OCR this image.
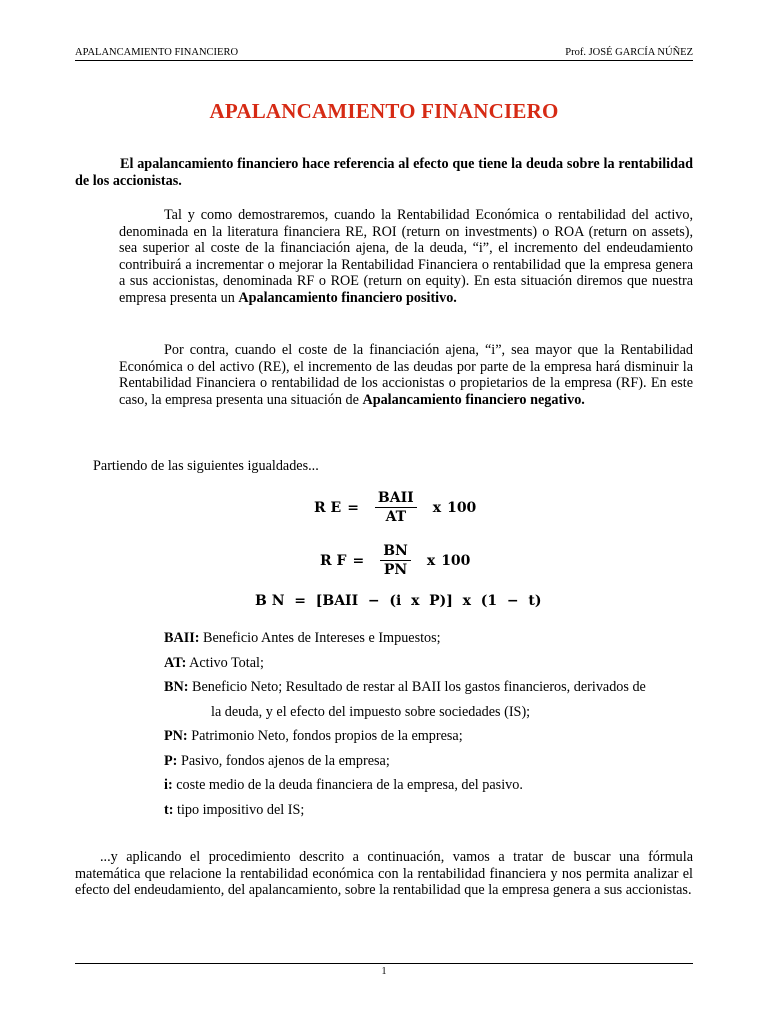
APALANCAMIENTO FINANCIERO	Prof. JOSÉ GARCÍA NÚÑEZ
APALANCAMIENTO FINANCIERO
El apalancamiento financiero hace referencia al efecto que tiene la deuda sobre la rentabilidad de los accionistas.
Tal y como demostraremos, cuando la Rentabilidad Económica o rentabilidad del activo, denominada en la literatura financiera RE, ROI (return on investments) o ROA (return on assets), sea superior al coste de la financiación ajena, de la deuda, “i”, el incremento del endeudamiento contribuirá a incrementar o mejorar la Rentabilidad Financiera o rentabilidad que la empresa genera a sus accionistas, denominada RF o ROE (return on equity). En esta situación diremos que nuestra empresa presenta un Apalancamiento financiero positivo.
Por contra, cuando el coste de la financiación ajena, “i”, sea mayor que la Rentabilidad Económica o del activo (RE), el incremento de las deudas por parte de la empresa hará disminuir la Rentabilidad Financiera o rentabilidad de los accionistas o propietarios de la empresa (RF). En este caso, la empresa presenta una situación de Apalancamiento financiero negativo.
Partiendo de las siguientes igualdades...
R $E = \frac{\text{BAII}}{AT}$ x 100
R $F = \frac{BN}{PN}$ x 100
B N  =  [BAII  −  (i  x  P)]  x  (1  −  t)
BAII: Beneficio Antes de Intereses e Impuestos;
AT: Activo Total;
BN: Beneficio Neto; Resultado de restar al BAII los gastos financieros, derivados de
la deuda, y el efecto del impuesto sobre sociedades (IS);
PN: Patrimonio Neto, fondos propios de la empresa;
P: Pasivo, fondos ajenos de la empresa;
i: coste medio de la deuda financiera de la empresa, del pasivo.
t: tipo impositivo del IS;
...y aplicando el procedimiento descrito a continuación, vamos a tratar de buscar una fórmula matemática que relacione la rentabilidad económica con la rentabilidad financiera y nos permita analizar el efecto del endeudamiento, del apalancamiento, sobre la rentabilidad que la empresa genera a sus accionistas.
1
